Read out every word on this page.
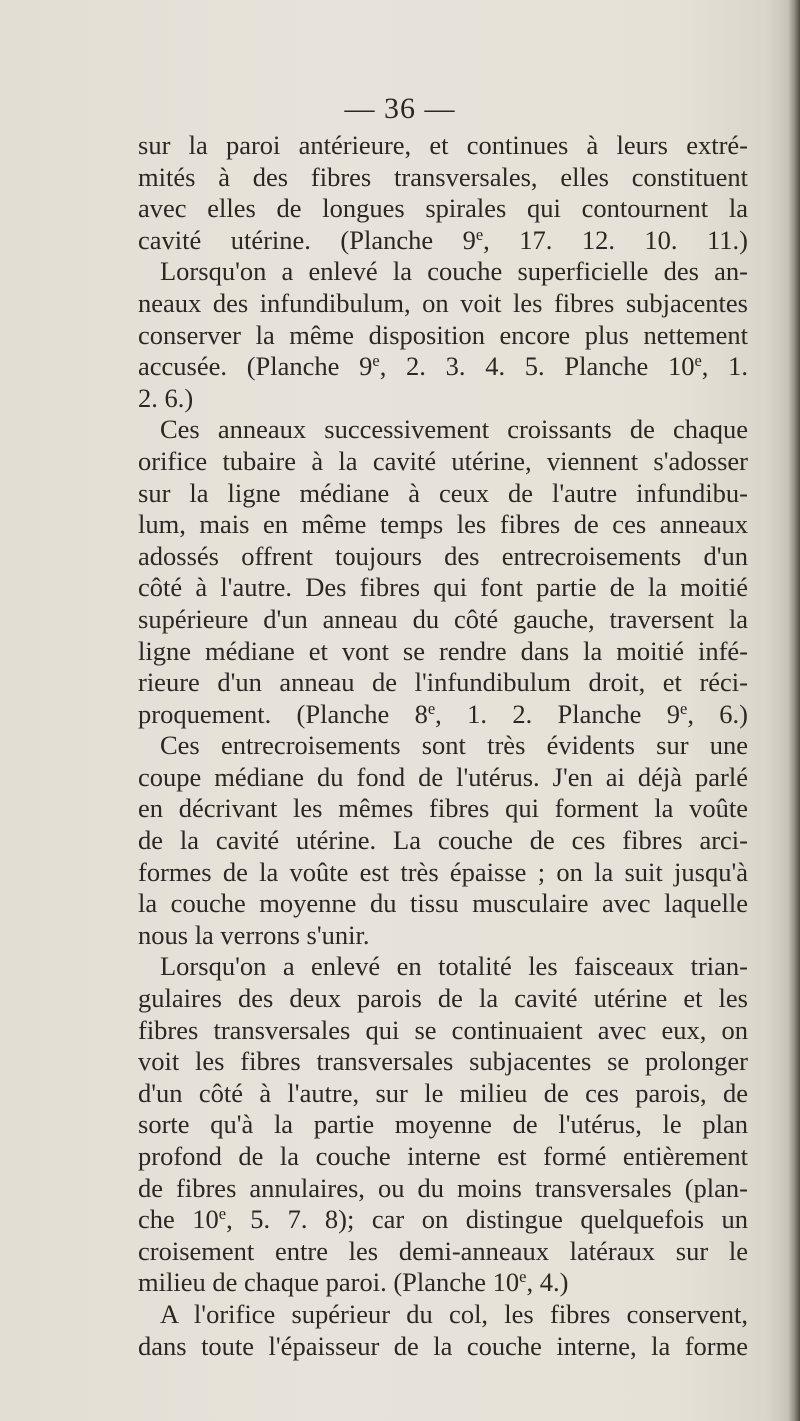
— 36 —
sur la paroi antérieure, et continues à leurs extré-
mités à des fibres transversales, elles constituent
avec elles de longues spirales qui contournent la
cavité utérine. (Planche 9e, 17. 12. 10. 11.)
Lorsqu'on a enlevé la couche superficielle des an-
neaux des infundibulum, on voit les fibres subjacentes
conserver la même disposition encore plus nettement
accusée. (Planche 9e, 2. 3. 4. 5. Planche 10e, 1.
2. 6.)
Ces anneaux successivement croissants de chaque
orifice tubaire à la cavité utérine, viennent s'adosser
sur la ligne médiane à ceux de l'autre infundibu-
lum, mais en même temps les fibres de ces anneaux
adossés offrent toujours des entrecroisements d'un
côté à l'autre. Des fibres qui font partie de la moitié
supérieure d'un anneau du côté gauche, traversent la
ligne médiane et vont se rendre dans la moitié infé-
rieure d'un anneau de l'infundibulum droit, et réci-
proquement. (Planche 8e, 1. 2. Planche 9e, 6.)
Ces entrecroisements sont très évidents sur une
coupe médiane du fond de l'utérus. J'en ai déjà parlé
en décrivant les mêmes fibres qui forment la voûte
de la cavité utérine. La couche de ces fibres arci-
formes de la voûte est très épaisse ; on la suit jusqu'à
la couche moyenne du tissu musculaire avec laquelle
nous la verrons s'unir.
Lorsqu'on a enlevé en totalité les faisceaux trian-
gulaires des deux parois de la cavité utérine et les
fibres transversales qui se continuaient avec eux, on
voit les fibres transversales subjacentes se prolonger
d'un côté à l'autre, sur le milieu de ces parois, de
sorte qu'à la partie moyenne de l'utérus, le plan
profond de la couche interne est formé entièrement
de fibres annulaires, ou du moins transversales (plan-
che 10e, 5. 7. 8); car on distingue quelquefois un
croisement entre les demi-anneaux latéraux sur le
milieu de chaque paroi. (Planche 10e, 4.)
A l'orifice supérieur du col, les fibres conservent,
dans toute l'épaisseur de la couche interne, la forme
